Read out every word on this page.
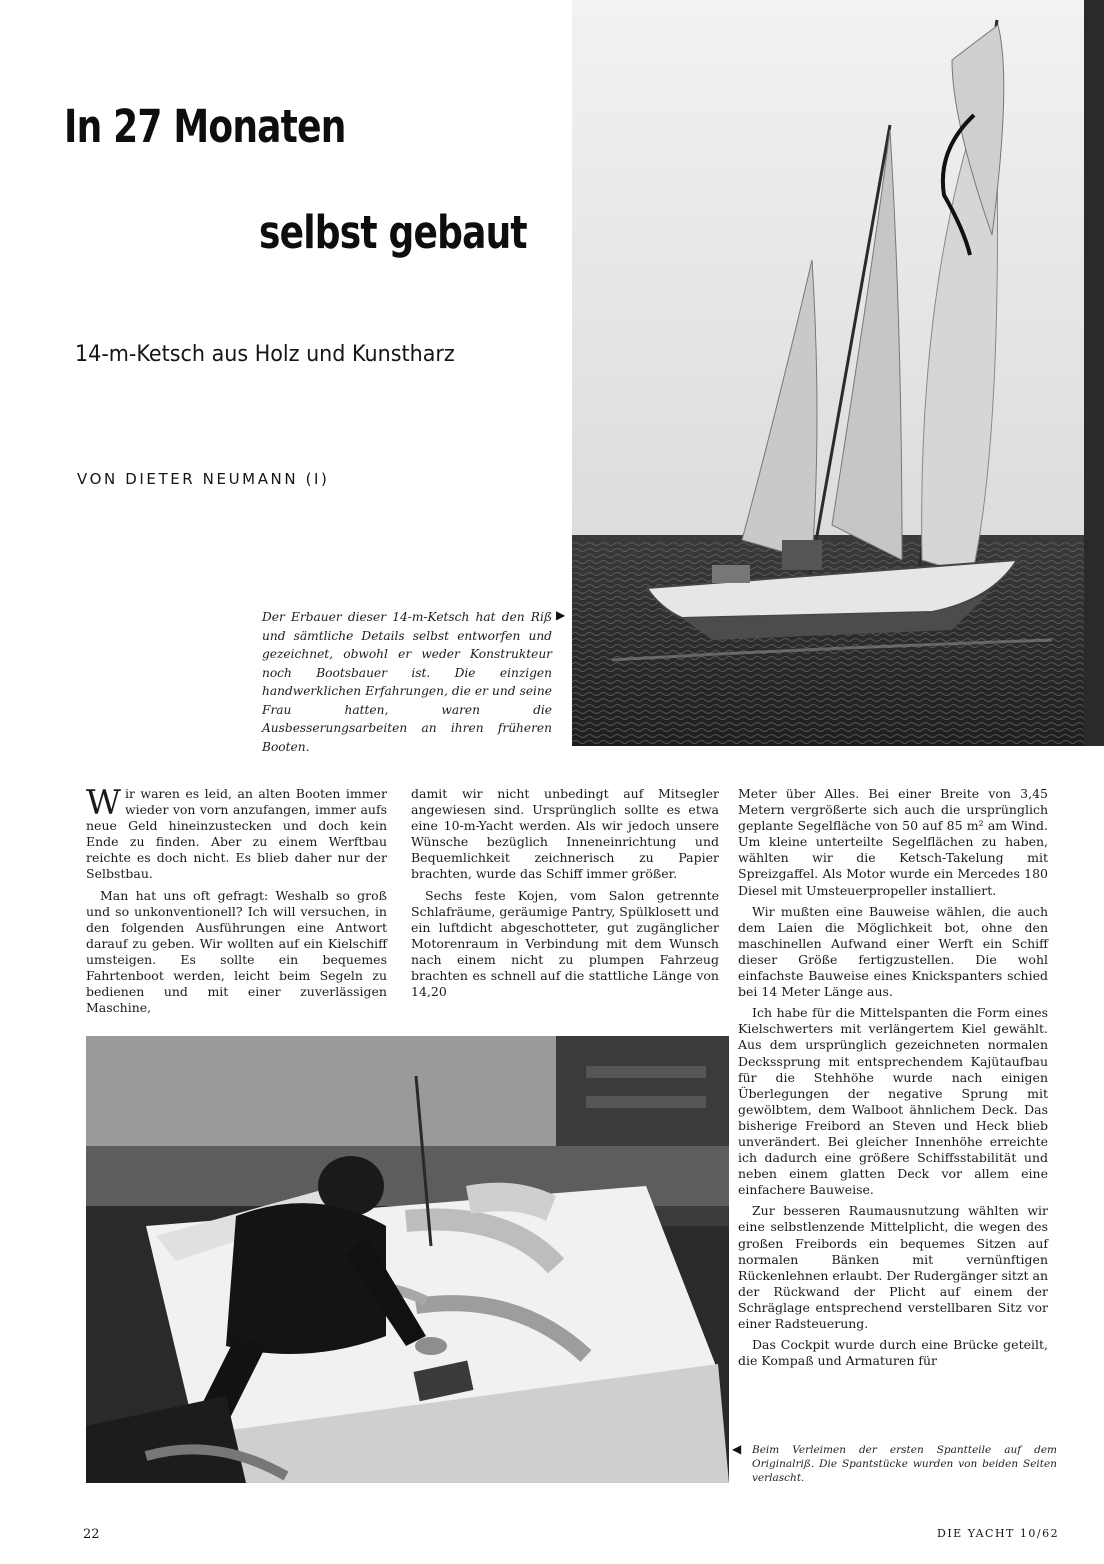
In 27 Monaten
selbst gebaut
14-m-Ketsch aus Holz und Kunstharz
VON DIETER NEUMANN (I)
Der Erbauer dieser 14-m-Ketsch hat den Riß und sämtliche Details selbst entworfen und gezeichnet, obwohl er weder Konstrukteur noch Bootsbauer ist. Die einzigen handwerklichen Erfahrungen, die er und seine Frau hatten, waren die Ausbesserungsarbeiten an ihren früheren Booten.
▶

Wir waren es leid, an alten Booten immer wieder von vorn anzufangen, immer aufs neue Geld hineinzustecken und doch kein Ende zu finden. Aber zu einem Werftbau reichte es doch nicht. Es blieb daher nur der Selbstbau.

Man hat uns oft gefragt: Weshalb so groß und so unkonventionell? Ich will versuchen, in den folgenden Ausführungen eine Antwort darauf zu geben. Wir wollten auf ein Kielschiff umsteigen. Es sollte ein bequemes Fahrtenboot werden, leicht beim Segeln zu bedienen und mit einer zuverlässigen Maschine,

damit wir nicht unbedingt auf Mitsegler angewiesen sind. Ursprünglich sollte es etwa eine 10-m-Yacht werden. Als wir jedoch unsere Wünsche bezüglich Inneneinrichtung und Bequemlichkeit zeichnerisch zu Papier brachten, wurde das Schiff immer größer.

Sechs feste Kojen, vom Salon getrennte Schlafräume, geräumige Pantry, Spülklosett und ein luftdicht abgeschotteter, gut zugänglicher Motorenraum in Verbindung mit dem Wunsch nach einem nicht zu plumpen Fahrzeug brachten es schnell auf die stattliche Länge von 14,20

Meter über Alles. Bei einer Breite von 3,45 Metern vergrößerte sich auch die ursprünglich geplante Segelfläche von 50 auf 85 m² am Wind. Um kleine unterteilte Segelflächen zu haben, wählten wir die Ketsch-Takelung mit Spreizgaffel. Als Motor wurde ein Mercedes 180 Diesel mit Umsteuerpropeller installiert.

Wir mußten eine Bauweise wählen, die auch dem Laien die Möglichkeit bot, ohne den maschinellen Aufwand einer Werft ein Schiff dieser Größe fertigzustellen. Die wohl einfachste Bauweise eines Knickspanters schied bei 14 Meter Länge aus.

Ich habe für die Mittelspanten die Form eines Kielschwerters mit verlängertem Kiel gewählt. Aus dem ursprünglich gezeichneten normalen Deckssprung mit entsprechendem Kajütaufbau für die Stehhöhe wurde nach einigen Überlegungen der negative Sprung mit gewölbtem, dem Walboot ähnlichem Deck. Das bisherige Freibord an Steven und Heck blieb unverändert. Bei gleicher Innenhöhe erreichte ich dadurch eine größere Schiffsstabilität und neben einem glatten Deck vor allem eine einfachere Bauweise.

Zur besseren Raumausnutzung wählten wir eine selbstlenzende Mittelplicht, die wegen des großen Freibords ein bequemes Sitzen auf normalen Bänken mit vernünftigen Rückenlehnen erlaubt. Der Rudergänger sitzt an der Rückwand der Plicht auf einem der Schräglage entsprechend verstellbaren Sitz vor einer Radsteuerung.

Das Cockpit wurde durch eine Brücke geteilt, die Kompaß und Armaturen für

◀ Beim Verleimen der ersten Spantteile auf dem Originalriß. Die Spantstücke wurden von beiden Seiten verlascht.
22	DIE YACHT 10/62
